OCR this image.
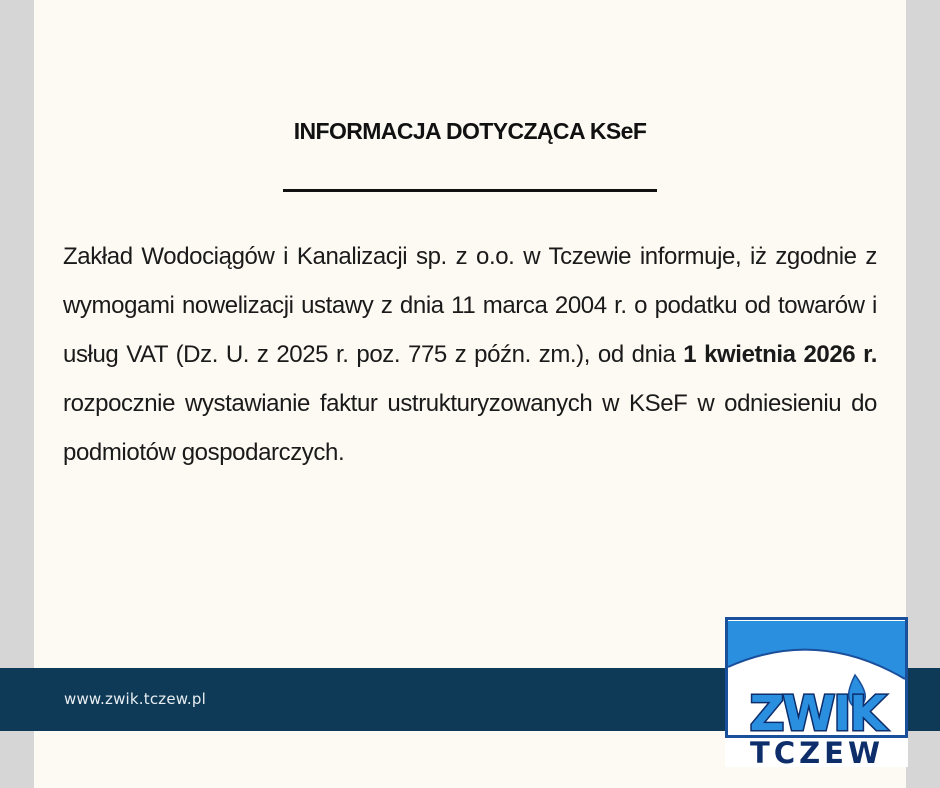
INFORMACJA DOTYCZĄCA KSeF
Zakład Wodociągów i Kanalizacji sp. z o.o. w Tczewie informuje, iż zgodnie z wymogami nowelizacji ustawy z dnia 11 marca 2004 r. o podatku od towarów i usług VAT (Dz. U. z 2025 r. poz. 775 z późn. zm.), od dnia 1 kwietnia 2026 r. rozpocznie wystawianie faktur ustrukturyzowanych w KSeF w odniesieniu do podmiotów gospodarczych.
www.zwik.tczew.pl	ZWIK
TCZEW
